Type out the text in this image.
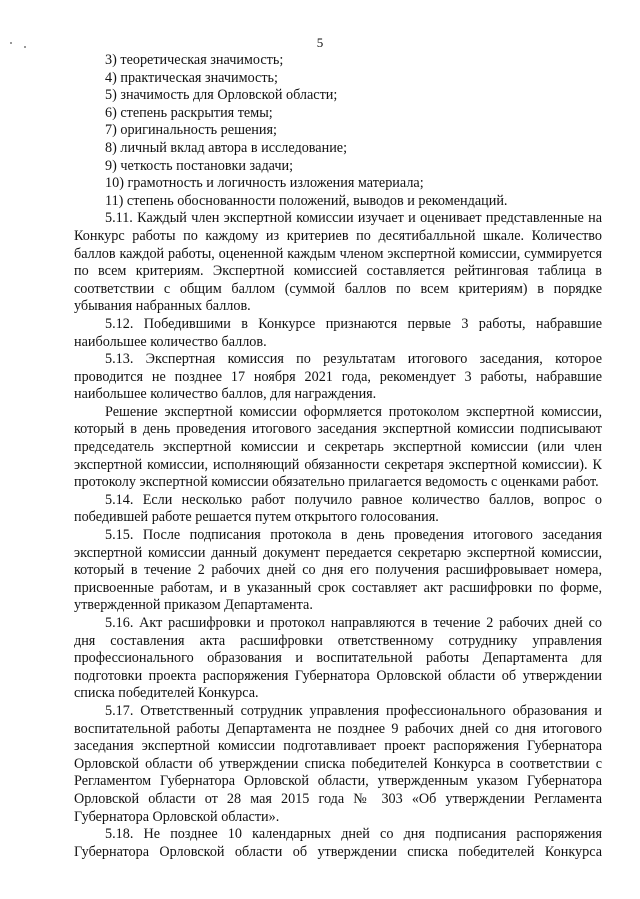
5
3) теоретическая значимость;
4) практическая значимость;
5) значимость для Орловской области;
6) степень раскрытия темы;
7) оригинальность решения;
8) личный вклад автора в исследование;
9) четкость постановки задачи;
10) грамотность и логичность изложения материала;
11) степень обоснованности положений, выводов и рекомендаций.

5.11. Каждый член экспертной комиссии изучает и оценивает представленные на Конкурс работы по каждому из критериев по десятибалльной шкале. Количество баллов каждой работы, оцененной каждым членом экспертной комиссии, суммируется по всем критериям. Экспертной комиссией составляется рейтинговая таблица в соответствии с общим баллом (суммой баллов по всем критериям) в порядке убывания набранных баллов.

5.12. Победившими в Конкурсе признаются первые 3 работы, набравшие наибольшее количество баллов.

5.13. Экспертная комиссия по результатам итогового заседания, которое проводится не позднее 17 ноября 2021 года, рекомендует 3 работы, набравшие наибольшее количество баллов, для награждения.

Решение экспертной комиссии оформляется протоколом экспертной комиссии, который в день проведения итогового заседания экспертной комиссии подписывают председатель экспертной комиссии и секретарь экспертной комиссии (или член экспертной комиссии, исполняющий обязанности секретаря экспертной комиссии). К протоколу экспертной комиссии обязательно прилагается ведомость с оценками работ.

5.14. Если несколько работ получило равное количество баллов, вопрос о победившей работе решается путем открытого голосования.

5.15. После подписания протокола в день проведения итогового заседания экспертной комиссии данный документ передается секретарю экспертной комиссии, который в течение 2 рабочих дней со дня его получения расшифровывает номера, присвоенные работам, и в указанный срок составляет акт расшифровки по форме, утвержденной приказом Департамента.

5.16. Акт расшифровки и протокол направляются в течение 2 рабочих дней со дня составления акта расшифровки ответственному сотруднику управления профессионального образования и воспитательной работы Департамента для подготовки проекта распоряжения Губернатора Орловской области об утверждении списка победителей Конкурса.

5.17. Ответственный сотрудник управления профессионального образования и воспитательной работы Департамента не позднее 9 рабочих дней со дня итогового заседания экспертной комиссии подготавливает проект распоряжения Губернатора Орловской области об утверждении списка победителей Конкурса в соответствии с Регламентом Губернатора Орловской области, утвержденным указом Губернатора Орловской области от 28 мая 2015 года № 303 «Об утверждении Регламента Губернатора Орловской области».

5.18. Не позднее 10 календарных дней со дня подписания распоряжения Губернатора Орловской области об утверждении списка победителей Конкурса
